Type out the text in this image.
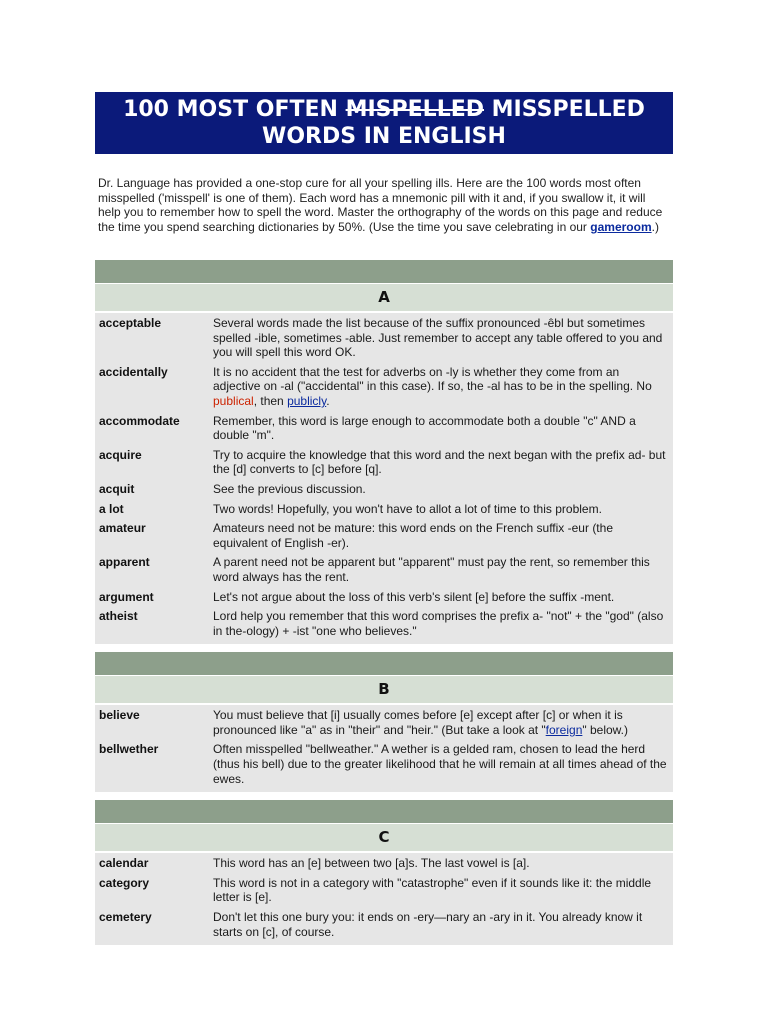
100 MOST OFTEN MISPELLED MISSPELLED
WORDS IN ENGLISH
Dr. Language has provided a one-stop cure for all your spelling ills. Here are the 100 words most often misspelled ('misspell' is one of them). Each word has a mnemonic pill with it and, if you swallow it, it will help you to remember how to spell the word. Master the orthography of the words on this page and reduce the time you spend searching dictionaries by 50%. (Use the time you save celebrating in our gameroom.)
A
acceptable	Several words made the list because of the suffix pronounced -êbl but sometimes spelled -ible, sometimes -able. Just remember to accept any table offered to you and you will spell this word OK.
accidentally	It is no accident that the test for adverbs on -ly is whether they come from an adjective on -al ("accidental" in this case). If so, the -al has to be in the spelling. No publical, then publicly.
accommodate	Remember, this word is large enough to accommodate both a double "c" AND a double "m".
acquire	Try to acquire the knowledge that this word and the next began with the prefix ad- but the [d] converts to [c] before [q].
acquit	See the previous discussion.
a lot	Two words! Hopefully, you won't have to allot a lot of time to this problem.
amateur	Amateurs need not be mature: this word ends on the French suffix -eur (the equivalent of English -er).
apparent	A parent need not be apparent but "apparent" must pay the rent, so remember this word always has the rent.
argument	Let's not argue about the loss of this verb's silent [e] before the suffix -ment.
atheist	Lord help you remember that this word comprises the prefix a- "not" + the "god" (also in the-ology) + -ist "one who believes."
B
believe	You must believe that [i] usually comes before [e] except after [c] or when it is pronounced like "a" as in "their" and "heir." (But take a look at "foreign" below.)
bellwether	Often misspelled "bellweather." A wether is a gelded ram, chosen to lead the herd (thus his bell) due to the greater likelihood that he will remain at all times ahead of the ewes.
C
calendar	This word has an [e] between two [a]s. The last vowel is [a].
category	This word is not in a category with "catastrophe" even if it sounds like it: the middle letter is [e].
cemetery	Don't let this one bury you: it ends on -ery—nary an -ary in it. You already know it starts on [c], of course.
